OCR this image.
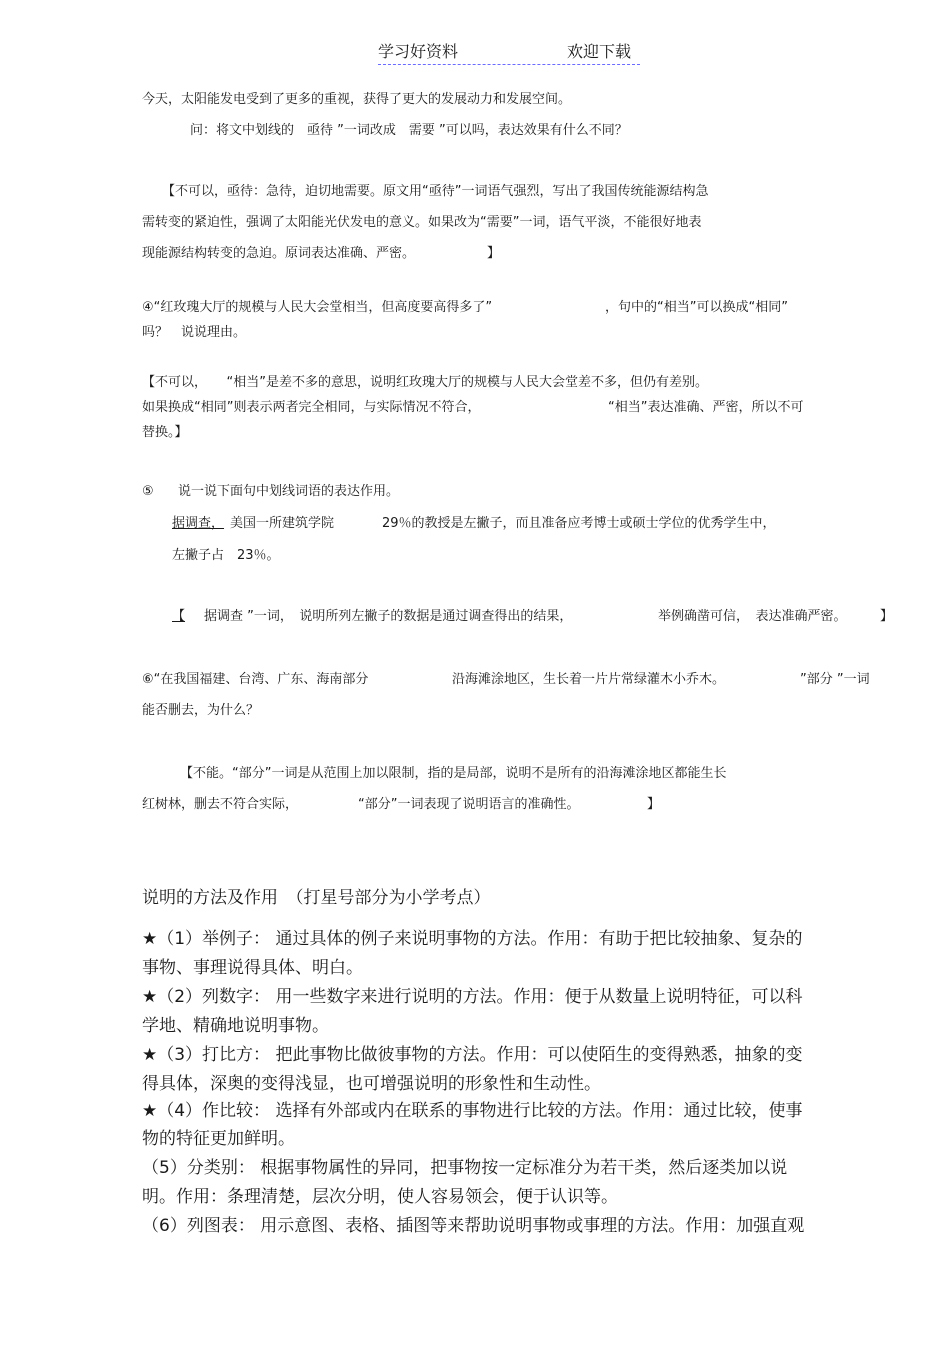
学习好资料	欢迎下载
今天，太阳能发电受到了更多的重视，获得了更大的发展动力和发展空间。
问：将文中划线的　亟待 ”一词改成　需要 ”可以吗，表达效果有什么不同？
【不可以，亟待：急待，迫切地需要。原文用“亟待”一词语气强烈，写出了我国传统能源结构急
需转变的紧迫性，强调了太阳能光伏发电的意义。如果改为“需要”一词，语气平淡，不能很好地表
现能源结构转变的急迫。原词表达准确、严密。	】
④“红玫瑰大厅的规模与人民大会堂相当，但高度要高得多了”	，句中的“相当”可以换成“相同”
吗？　说说理由。
【不可以，　　“相当”是差不多的意思，说明红玫瑰大厅的规模与人民大会堂差不多，但仍有差别。
如果换成“相同”则表示两者完全相同，与实际情况不符合，	“相当”表达准确、严密，所以不可
替换。】
⑤ 说一说下面句中划线词语的表达作用。
据调查， 美国一所建筑学院	29％的教授是左撇子，而且准备应考博士或硕士学位的优秀学生中，
左撇子占　23％。
【 据调查 ”一词，　说明所列左撇子的数据是通过调查得出的结果，	举例确凿可信，　表达准确严密。	】
⑥“在我国福建、台湾、广东、海南部分	沿海滩涂地区，生长着一片片常绿灌木小乔木。	”部分 ”一词
能否删去，为什么？
【不能。“部分”一词是从范围上加以限制，指的是局部，说明不是所有的沿海滩涂地区都能生长
红树林，删去不符合实际，	“部分”一词表现了说明语言的准确性。	】
说明的方法及作用　（打星号部分为小学考点）
★（1）举例子： 通过具体的例子来说明事物的方法。作用：有助于把比较抽象、复杂的
事物、事理说得具体、明白。
★（2）列数字： 用一些数字来进行说明的方法。作用：便于从数量上说明特征，可以科
学地、精确地说明事物。
★（3）打比方： 把此事物比做彼事物的方法。作用：可以使陌生的变得熟悉，抽象的变
得具体，深奥的变得浅显，也可增强说明的形象性和生动性。
★（4）作比较： 选择有外部或内在联系的事物进行比较的方法。作用：通过比较，使事
物的特征更加鲜明。
（5）分类别： 根据事物属性的异同，把事物按一定标准分为若干类，然后逐类加以说
明。作用：条理清楚，层次分明，使人容易领会，便于认识等。
（6）列图表： 用示意图、表格、插图等来帮助说明事物或事理的方法。作用：加强直观
